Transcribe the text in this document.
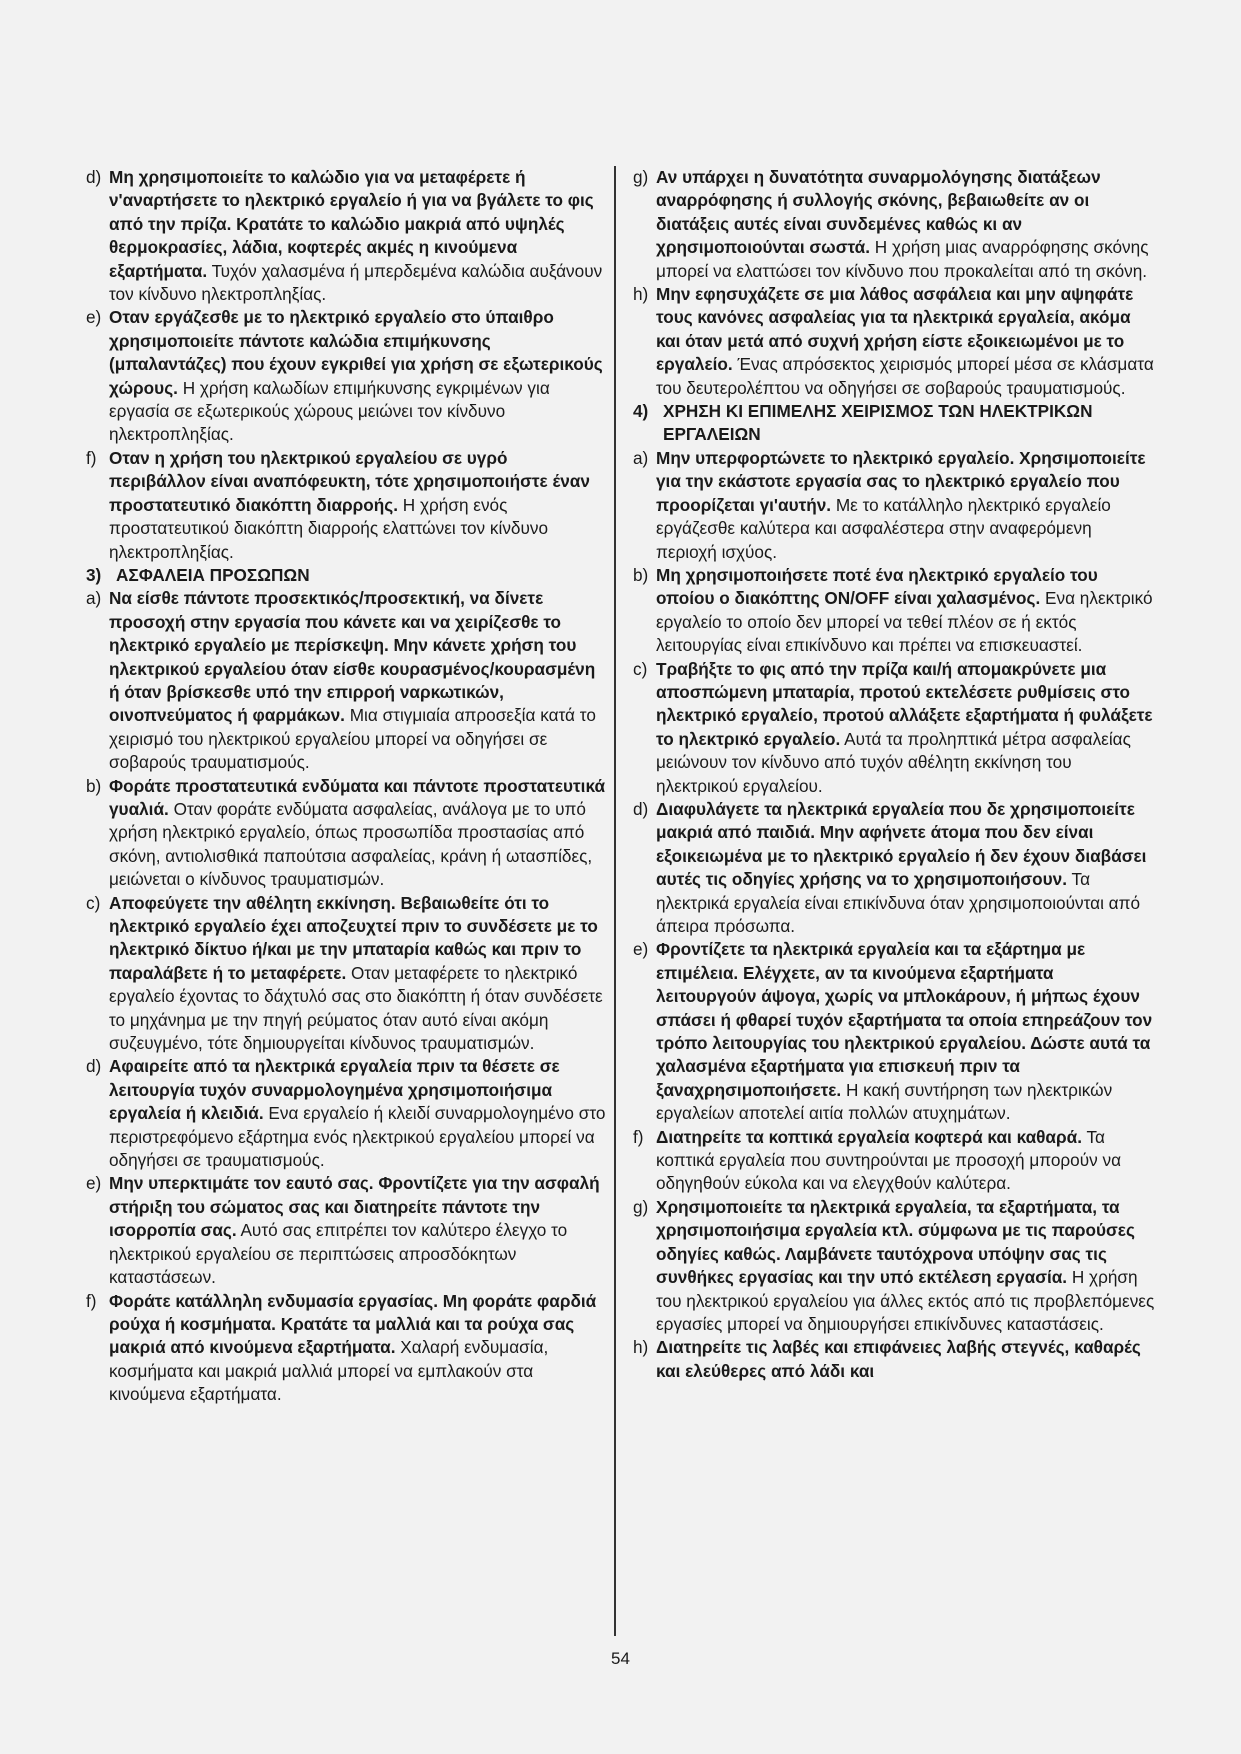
d) Μη χρησιμοποιείτε το καλώδιο για να μεταφέρετε ή ν'αναρτήσετε το ηλεκτρικό εργαλείο ή για να βγάλετε το φις από την πρίζα. Κρατάτε το καλώδιο μακριά από υψηλές θερμοκρασίες, λάδια, κοφτερές ακμές η κινούμενα εξαρτήματα. Τυχόν χαλασμένα ή μπερδεμένα καλώδια αυξάνουν τον κίνδυνο ηλεκτροπληξίας.
e) Οταν εργάζεσθε με το ηλεκτρικό εργαλείο στο ύπαιθρο χρησιμοποιείτε πάντοτε καλώδια επιμήκυνσης (μπαλαντάζες) που έχουν εγκριθεί για χρήση σε εξωτερικούς χώρους. Η χρήση καλωδίων επιμήκυνσης εγκριμένων για εργασία σε εξωτερικούς χώρους μειώνει τον κίνδυνο ηλεκτροπληξίας.
f) Οταν η χρήση του ηλεκτρικού εργαλείου σε υγρό περιβάλλον είναι αναπόφευκτη, τότε χρησιμοποιήστε έναν προστατευτικό διακόπτη διαρροής. Η χρήση ενός προστατευτικού διακόπτη διαρροής ελαττώνει τον κίνδυνο ηλεκτροπληξίας.
3) ΑΣΦΑΛΕΙΑ ΠΡΟΣΩΠΩΝ
a) Να είσθε πάντοτε προσεκτικός/προσεκτική, να δίνετε προσοχή στην εργασία που κάνετε και να χειρίζεσθε το ηλεκτρικό εργαλείο με περίσκεψη. Μην κάνετε χρήση του ηλεκτρικού εργαλείου όταν είσθε κουρασμένος/κουρασμένη ή όταν βρίσκεσθε υπό την επιρροή ναρκωτικών, οινοπνεύματος ή φαρμάκων. Μια στιγμιαία απροσεξία κατά το χειρισμό του ηλεκτρικού εργαλείου μπορεί να οδηγήσει σε σοβαρούς τραυματισμούς.
b) Φοράτε προστατευτικά ενδύματα και πάντοτε προστατευτικά γυαλιά. Οταν φοράτε ενδύματα ασφαλείας, ανάλογα με το υπό χρήση ηλεκτρικό εργαλείο, όπως προσωπίδα προστασίας από σκόνη, αντιολισθικά παπούτσια ασφαλείας, κράνη ή ωτασπίδες, μειώνεται ο κίνδυνος τραυματισμών.
c) Αποφεύγετε την αθέλητη εκκίνηση. Βεβαιωθείτε ότι το ηλεκτρικό εργαλείο έχει αποζευχτεί πριν το συνδέσετε με το ηλεκτρικό δίκτυο ή/και με την μπαταρία καθώς και πριν το παραλάβετε ή το μεταφέρετε. Οταν μεταφέρετε το ηλεκτρικό εργαλείο έχοντας το δάχτυλό σας στο διακόπτη ή όταν συνδέσετε το μηχάνημα με την πηγή ρεύματος όταν αυτό είναι ακόμη συζευγμένο, τότε δημιουργείται κίνδυνος τραυματισμών.
d) Αφαιρείτε από τα ηλεκτρικά εργαλεία πριν τα θέσετε σε λειτουργία τυχόν συναρμολογημένα χρησιμοποιήσιμα εργαλεία ή κλειδιά. Ενα εργαλείο ή κλειδί συναρμολογημένο στο περιστρεφόμενο εξάρτημα ενός ηλεκτρικού εργαλείου μπορεί να οδηγήσει σε τραυματισμούς.
e) Μην υπερκτιμάτε τον εαυτό σας. Φροντίζετε για την ασφαλή στήριξη του σώματος σας και διατηρείτε πάντοτε την ισορροπία σας. Αυτό σας επιτρέπει τον καλύτερο έλεγχο το ηλεκτρικού εργαλείου σε περιπτώσεις απροσδόκητων καταστάσεων.
f) Φοράτε κατάλληλη ενδυμασία εργασίας. Μη φοράτε φαρδιά ρούχα ή κοσμήματα. Κρατάτε τα μαλλιά και τα ρούχα σας μακριά από κινούμενα εξαρτήματα. Χαλαρή ενδυμασία, κοσμήματα και μακριά μαλλιά μπορεί να εμπλακούν στα κινούμενα εξαρτήματα.
g) Αν υπάρχει η δυνατότητα συναρμολόγησης διατάξεων αναρρόφησης ή συλλογής σκόνης, βεβαιωθείτε αν οι διατάξεις αυτές είναι συνδεμένες καθώς κι αν χρησιμοποιούνται σωστά. Η χρήση μιας αναρρόφησης σκόνης μπορεί να ελαττώσει τον κίνδυνο που προκαλείται από τη σκόνη.
h) Μην εφησυχάζετε σε μια λάθος ασφάλεια και μην αψηφάτε τους κανόνες ασφαλείας για τα ηλεκτρικά εργαλεία, ακόμα και όταν μετά από συχνή χρήση είστε εξοικειωμένοι με το εργαλείο. Ένας απρόσεκτος χειρισμός μπορεί μέσα σε κλάσματα του δευτερολέπτου να οδηγήσει σε σοβαρούς τραυματισμούς.
4) ΧΡΗΣΗ ΚΙ ΕΠΙΜΕΛΗΣ ΧΕΙΡΙΣΜΟΣ ΤΩΝ ΗΛΕΚΤΡΙΚΩΝ ΕΡΓΑΛΕΙΩΝ
a) Μην υπερφορτώνετε το ηλεκτρικό εργαλείο. Χρησιμοποιείτε για την εκάστοτε εργασία σας το ηλεκτρικό εργαλείο που προορίζεται γι'αυτήν. Με το κατάλληλο ηλεκτρικό εργαλείο εργάζεσθε καλύτερα και ασφαλέστερα στην αναφερόμενη περιοχή ισχύος.
b) Μη χρησιμοποιήσετε ποτέ ένα ηλεκτρικό εργαλείο του οποίου ο διακόπτης ON/OFF είναι χαλασμένος. Ενα ηλεκτρικό εργαλείο το οποίο δεν μπορεί να τεθεί πλέον σε ή εκτός λειτουργίας είναι επικίνδυνο και πρέπει να επισκευαστεί.
c) Τραβήξτε το φις από την πρίζα και/ή απομακρύνετε μια αποσπώμενη μπαταρία, προτού εκτελέσετε ρυθμίσεις στο ηλεκτρικό εργαλείο, προτού αλλάξετε εξαρτήματα ή φυλάξετε το ηλεκτρικό εργαλείο. Αυτά τα προληπτικά μέτρα ασφαλείας μειώνουν τον κίνδυνο από τυχόν αθέλητη εκκίνηση του ηλεκτρικού εργαλείου.
d) Διαφυλάγετε τα ηλεκτρικά εργαλεία που δε χρησιμοποιείτε μακριά από παιδιά. Μην αφήνετε άτομα που δεν είναι εξοικειωμένα με το ηλεκτρικό εργαλείο ή δεν έχουν διαβάσει αυτές τις οδηγίες χρήσης να το χρησιμοποιήσουν. Τα ηλεκτρικά εργαλεία είναι επικίνδυνα όταν χρησιμοποιούνται από άπειρα πρόσωπα.
e) Φροντίζετε τα ηλεκτρικά εργαλεία και τα εξάρτημα με επιμέλεια. Ελέγχετε, αν τα κινούμενα εξαρτήματα λειτουργούν άψογα, χωρίς να μπλοκάρουν, ή μήπως έχουν σπάσει ή φθαρεί τυχόν εξαρτήματα τα οποία επηρεάζουν τον τρόπο λειτουργίας του ηλεκτρικού εργαλείου. Δώστε αυτά τα χαλασμένα εξαρτήματα για επισκευή πριν τα ξαναχρησιμοποιήσετε. Η κακή συντήρηση των ηλεκτρικών εργαλείων αποτελεί αιτία πολλών ατυχημάτων.
f) Διατηρείτε τα κοπτικά εργαλεία κοφτερά και καθαρά. Τα κοπτικά εργαλεία που συντηρούνται με προσοχή μπορούν να οδηγηθούν εύκολα και να ελεγχθούν καλύτερα.
g) Χρησιμοποιείτε τα ηλεκτρικά εργαλεία, τα εξαρτήματα, τα χρησιμοποιήσιμα εργαλεία κτλ. σύμφωνα με τις παρούσες οδηγίες καθώς. Λαμβάνετε ταυτόχρονα υπόψην σας τις συνθήκες εργασίας και την υπό εκτέλεση εργασία. Η χρήση του ηλεκτρικού εργαλείου για άλλες εκτός από τις προβλεπόμενες εργασίες μπορεί να δημιουργήσει επικίνδυνες καταστάσεις.
h) Διατηρείτε τις λαβές και επιφάνειες λαβής στεγνές, καθαρές και ελεύθερες από λάδι και
54
